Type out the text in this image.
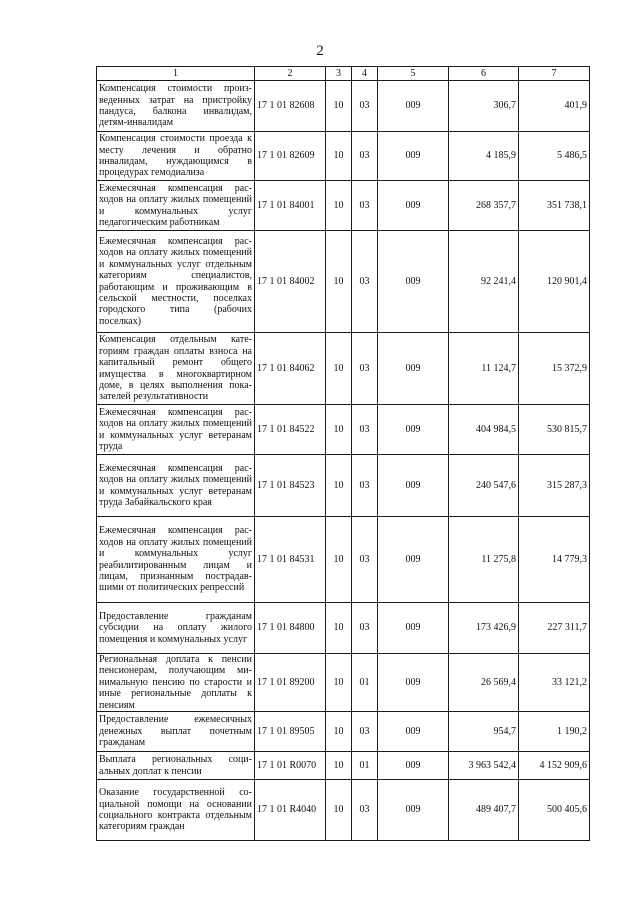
2
1	2	3	4	5	6	7
Компенсация стоимости произведенных затрат на пристройку пандуса, балкона инвалидам, детям-инвалидам	17 1 01 82608	10	03	009	306,7	401,9
Компенсация стоимости проезда к месту лечения и обратно инвалидам, нуждающимся в процедурах гемодиализа	17 1 01 82609	10	03	009	4 185,9	5 486,5
Ежемесячная компенсация расходов на оплату жилых помещений и коммунальных услуг педагогическим работникам	17 1 01 84001	10	03	009	268 357,7	351 738,1
Ежемесячная компенсация расходов на оплату жилых помещений и коммунальных услуг отдельным категориям специалистов, работающим и проживающим в сельской местности, поселках городского типа (рабочих поселках)	17 1 01 84002	10	03	009	92 241,4	120 901,4
Компенсация отдельным категориям граждан оплаты взноса на капитальный ремонт общего имущества в многоквартирном доме, в целях выполнения показателей результативности	17 1 01 84062	10	03	009	11 124,7	15 372,9
Ежемесячная компенсация расходов на оплату жилых помещений и коммунальных услуг ветеранам труда	17 1 01 84522	10	03	009	404 984,5	530 815,7
Ежемесячная компенсация расходов на оплату жилых помещений и коммунальных услуг ветеранам труда Забайкальского края	17 1 01 84523	10	03	009	240 547,6	315 287,3
Ежемесячная компенсация расходов на оплату жилых помещений и коммунальных услуг реабилитированным лицам и лицам, признанным пострадавшими от политических репрессий	17 1 01 84531	10	03	009	11 275,8	14 779,3
Предоставление гражданам субсидии на оплату жилого помещения и коммунальных услуг	17 1 01 84800	10	03	009	173 426,9	227 311,7
Региональная доплата к пенсии пенсионерам, получающим минимальную пенсию по старости и иные региональные доплаты к пенсиям	17 1 01 89200	10	01	009	26 569,4	33 121,2
Предоставление ежемесячных денежных выплат почетным гражданам	17 1 01 89505	10	03	009	954,7	1 190,2
Выплата региональных социальных доплат к пенсии	17 1 01 R0070	10	01	009	3 963 542,4	4 152 909,6
Оказание государственной социальной помощи на основании социального контракта отдельным категориям граждан	17 1 01 R4040	10	03	009	489 407,7	500 405,6
